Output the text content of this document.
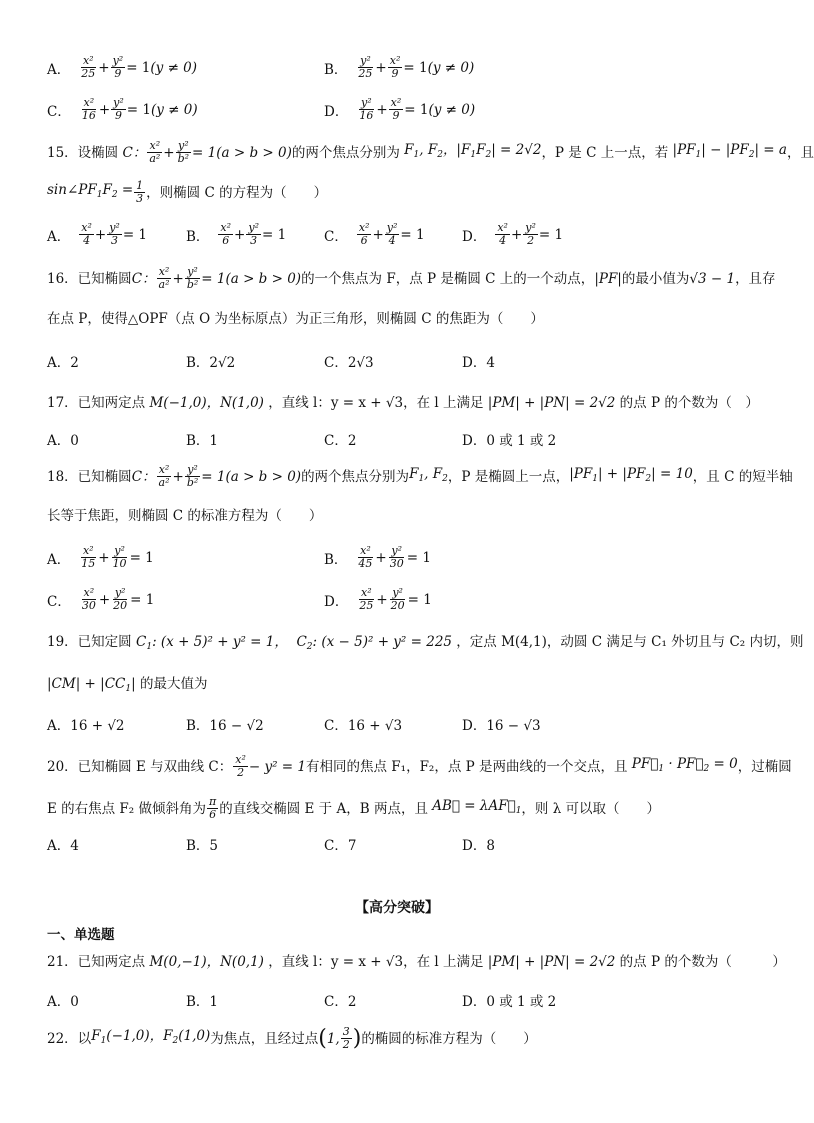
A． $\frac{\text{x²}}{25} + \frac{\text{y²}}{9} = 1$ (y ≠ 0)	B． $\frac{\text{y²}}{25} + \frac{\text{x²}}{9} = 1$ (y ≠ 0)
C． $\frac{\text{x²}}{16} + \frac{\text{y²}}{9} = 1$ (y ≠ 0)	D． $\frac{\text{y²}}{16} + \frac{\text{x²}}{9} = 1$ (y ≠ 0)
15．设椭圆 C： $\frac{\text{x²}}{\text{a²}} + \frac{\text{y²}}{\text{b²}} = 1(a > b > 0)$ 的两个焦点分别为 $F_1$, $F_2$，$|F_1F_2| = 2√2$ ，P 是 C 上一点，若 $|PF_1| - |PF_2| = a$ ，且
$\sin\angle PF_1F_2 = \frac{1}{3}$ ，则椭圆 C 的方程为（　　）
A． $\frac{\text{x²}}{4} + \frac{\text{y²}}{3} = 1$	B． $\frac{\text{x²}}{6} + \frac{\text{y²}}{3} = 1$	C． $\frac{\text{x²}}{6} + \frac{\text{y²}}{4} = 1$	D． $\frac{\text{x²}}{4} + \frac{\text{y²}}{2} = 1$
16．已知椭圆 C： $\frac{\text{x²}}{\text{a²}} + \frac{\text{y²}}{\text{b²}} = 1(a > b > 0)$ 的一个焦点为 F，点 P 是椭圆 C 上的一个动点， |PF| 的最小值为 √3 − 1 ，且存
在点 P，使得△OPF（点 O 为坐标原点）为正三角形，则椭圆 C 的焦距为（　　）
A．2	B．2√2	C．2√3	D．4
17．已知两定点 M(−1,0)，N(1,0) ，直线 l：y = x + √3，在 l 上满足 |PM| + |PN| = 2√2 的点 P 的个数为（　）
A．0	B．1	C．2	D．0 或 1 或 2
18．已知椭圆 C： $\frac{\text{x²}}{\text{a²}} + \frac{\text{y²}}{\text{b²}} = 1(a > b > 0)$ 的两个焦点分别为 $F_1$, $F_2$ ，P 是椭圆上一点， $|PF_1| + |PF_2| = 10$ ，且 C 的短半轴
长等于焦距，则椭圆 C 的标准方程为（　　）
A． $\frac{\text{x²}}{15} + \frac{\text{y²}}{10} = 1$	B． $\frac{\text{x²}}{45} + \frac{\text{y²}}{30} = 1$
C． $\frac{\text{x²}}{30} + \frac{\text{y²}}{20} = 1$	D． $\frac{\text{x²}}{25} + \frac{\text{y²}}{20} = 1$
19．已知定圆 $C_1$: (x + 5)² + y² = 1，  $C_2$: (x − 5)² + y² = 225 ，定点 M(4,1)，动圆 C 满足与 C₁ 外切且与 C₂ 内切，则
$|CM| + |CC_1|$ 的最大值为
A．16 + √2	B．16 − √2	C．16 + √3	D．16 − √3
20．已知椭圆 E 与双曲线 C： $\frac{\text{x²}}{2} - y^2 = 1$ 有相同的焦点 F₁，F₂，点 P 是两曲线的一个交点，且 $PF⃗_1$ · $PF⃗_2 = 0$ ，过椭圆
E 的右焦点 F₂ 做倾斜角为 $\frac{\pi}{6}$ 的直线交椭圆 E 于 A，B 两点，且 AB⃗ = $\lambda AF⃗_1$ ，则 λ 可以取（　　）
A．4	B．5	C．7	D．8
【高分突破】
一、单选题
21．已知两定点 M(0,−1)，N(0,1) ，直线 l：y = x + √3，在 l 上满足 |PM| + |PN| = 2√2 的点 P 的个数为（　　　）
A．0	B．1	C．2	D．0 或 1 或 2
22．以 $F_1(-1,0)$，$F_2(1,0)$ 为焦点，且经过点 ( 1, $\frac{3}{2}$ ) 的椭圆的标准方程为（　　）
